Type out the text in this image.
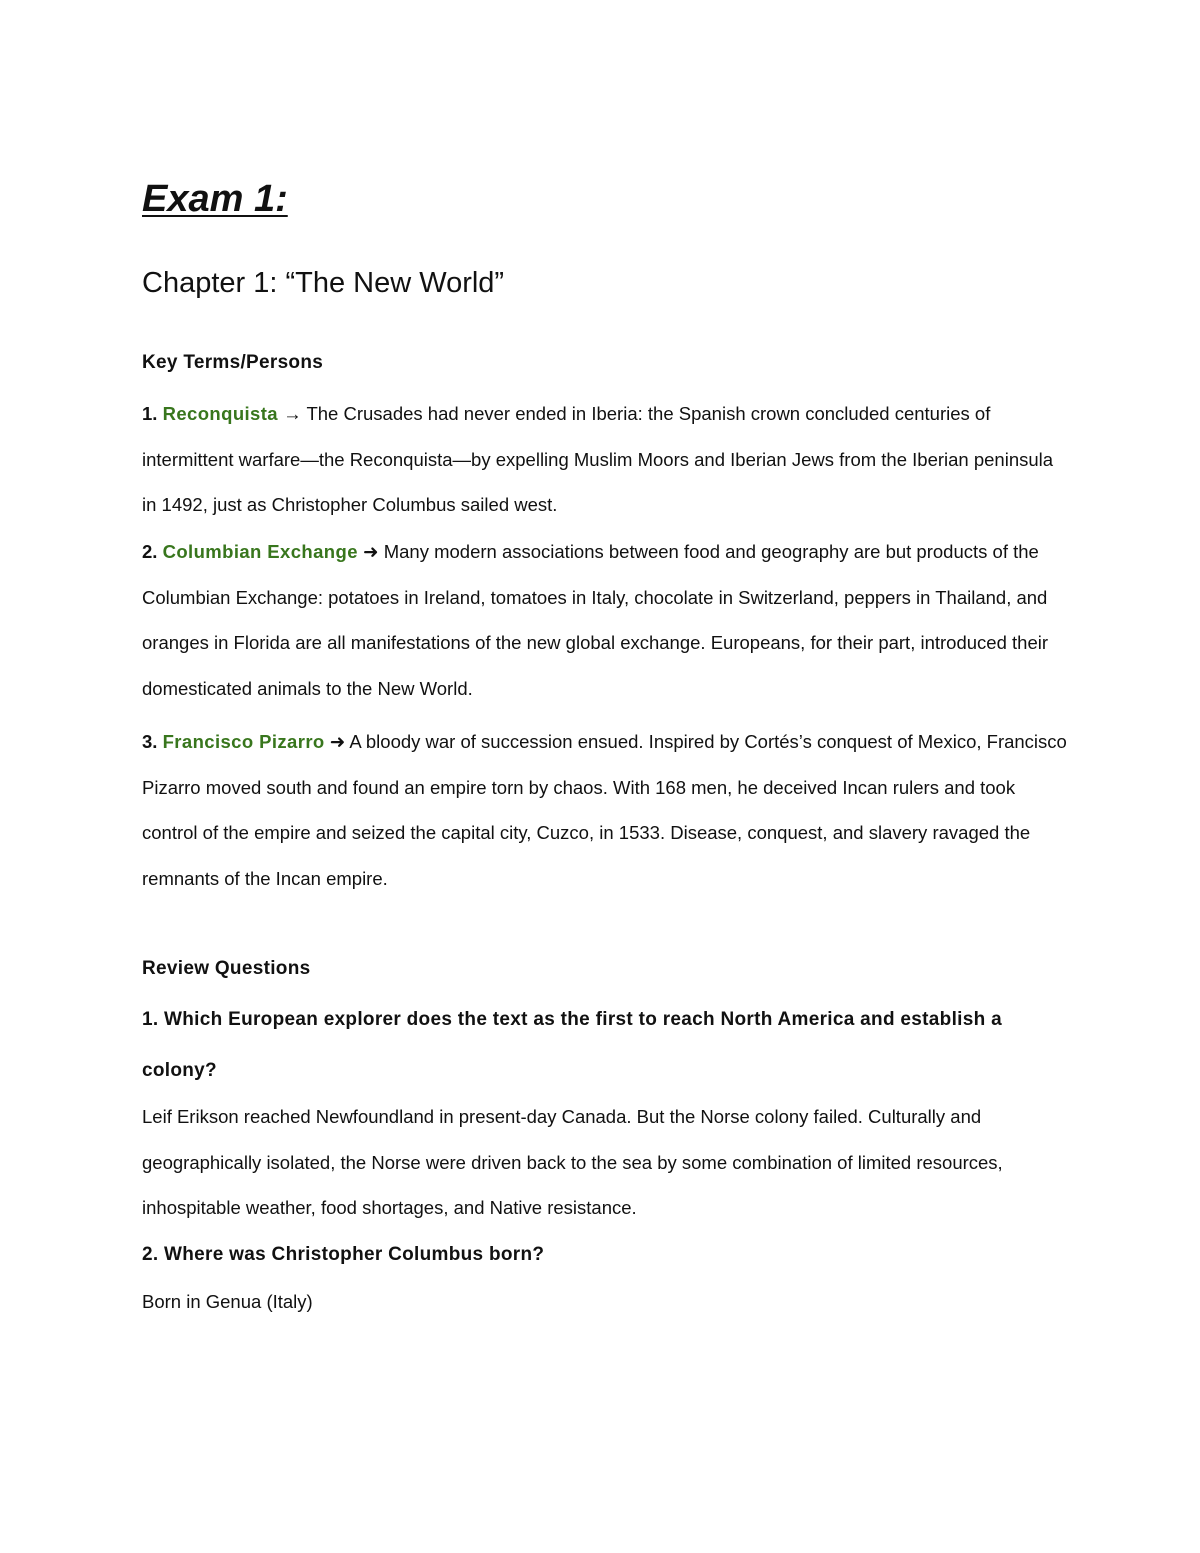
Exam 1:
Chapter 1: “The New World”
Key Terms/Persons

1. Reconquista → The Crusades had never ended in Iberia: the Spanish crown concluded centuries of intermittent warfare—the Reconquista—by expelling Muslim Moors and Iberian Jews from the Iberian peninsula in 1492, just as Christopher Columbus sailed west.

2. Columbian Exchange ➜ Many modern associations between food and geography are but products of the Columbian Exchange: potatoes in Ireland, tomatoes in Italy, chocolate in Switzerland, peppers in Thailand, and oranges in Florida are all manifestations of the new global exchange. Europeans, for their part, introduced their domesticated animals to the New World.

3. Francisco Pizarro ➜ A bloody war of succession ensued. Inspired by Cortés’s conquest of Mexico, Francisco Pizarro moved south and found an empire torn by chaos. With 168 men, he deceived Incan rulers and took control of the empire and seized the capital city, Cuzco, in 1533. Disease, conquest, and slavery ravaged the remnants of the Incan empire.

Review Questions

1. Which European explorer does the text as the first to reach North America and establish a colony?

Leif Erikson reached Newfoundland in present-day Canada. But the Norse colony failed. Culturally and geographically isolated, the Norse were driven back to the sea by some combination of limited resources, inhospitable weather, food shortages, and Native resistance.

2. Where was Christopher Columbus born?

Born in Genua (Italy)
